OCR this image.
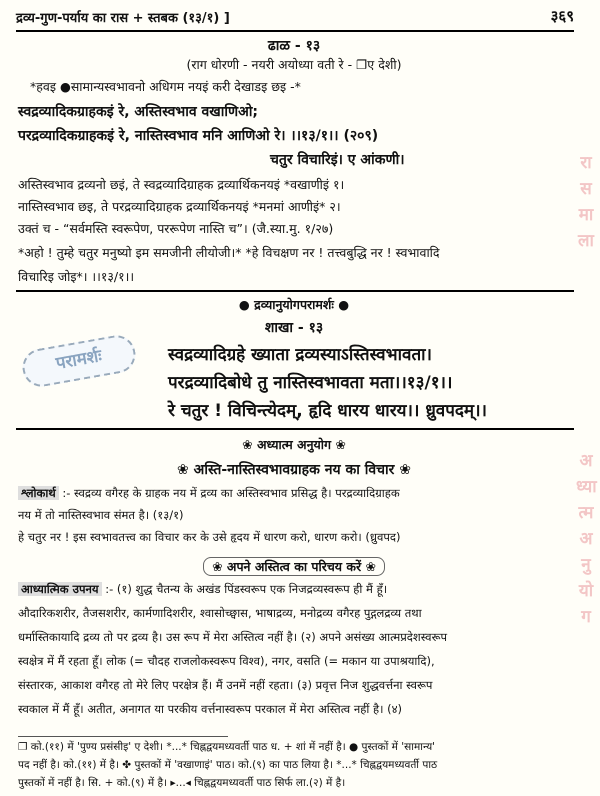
द्रव्य-गुण-पर्याय का रास + स्तबक (१३/१) ]	३६९
ढाळ - १३
(राग धोरणी - नयरी अयोध्या वती रे - ❐ए देशी)
*हवइ ●सामान्यस्वभावनो अधिगम नयइं करी देखाडइ छइ -*
स्वद्रव्यादिकग्राहकइं रे, अस्तिस्वभाव वखाणिओ;
परद्रव्यादिकग्राहकइं रे, नास्तिस्वभाव मनि आणिओ रे। ।।१३/१।। (२०९)
चतुर विचारिइं। ए आंकणी।
अस्तिस्वभाव द्रव्यनो छइं, ते स्वद्रव्यादिग्राहक द्रव्यार्थिकनयइं *वखाणीइं १।
नास्तिस्वभाव छइ, ते परद्रव्यादिग्राहक द्रव्यार्थिकनयइं *मनमां आणीइं* २।
उक्तं च - “सर्वमस्ति स्वरूपेण, पररूपेण नास्ति च”। (जै.स्या.मु. १/२७)
*अहो ! तुम्हे चतुर मनुष्यो इम समजीनी लीयोजी।* *हे विचक्षण नर ! तत्त्वबुद्धि नर ! स्वभावादि
विचारिइ जोइ*। ।।१३/१।।
● द्रव्यानुयोगपरामर्शः ●
परामर्शः
शाखा - १३
स्वद्रव्यादिग्रहे ख्याता द्रव्यस्याऽस्तिस्वभावता।
परद्रव्यादिबोधे तु नास्तिस्वभावता मता।।१३/१।।
रे चतुर ! विचिन्त्येदम्, हृदि धारय धारय।। ध्रुवपदम्।।
❀ अध्यात्म अनुयोग ❀
❀ अस्ति-नास्तिस्वभावग्राहक नय का विचार ❀
श्लोकार्थ :- स्वद्रव्य वगैरह के ग्राहक नय में द्रव्य का अस्तिस्वभाव प्रसिद्ध है। परद्रव्यादिग्राहक
नय में तो नास्तिस्वभाव संमत है। (१३/१)
हे चतुर नर ! इस स्वभावतत्त्व का विचार कर के उसे हृदय में धारण करो, धारण करो। (ध्रुवपद)
❀ अपने अस्तित्व का परिचय करें ❀
आध्यात्मिक उपनय :- (१) शुद्ध चैतन्य के अखंड पिंडस्वरूप एक निजद्रव्यस्वरूप ही मैं हूँ।
औदारिकशरीर, तैजसशरीर, कार्मणादिशरीर, श्वासोच्छ्वास, भाषाद्रव्य, मनोद्रव्य वगैरह पुद्गलद्रव्य तथा
धर्मास्तिकायादि द्रव्य तो पर द्रव्य है। उस रूप में मेरा अस्तित्व नहीं है। (२) अपने असंख्य आत्मप्रदेशस्वरूप
स्वक्षेत्र में मैं रहता हूँ। लोक (= चौदह राजलोकस्वरूप विश्व), नगर, वसति (= मकान या उपाश्रयादि),
संस्तारक, आकाश वगैरह तो मेरे लिए परक्षेत्र हैं। मैं उनमें नहीं रहता। (३) प्रवृत्त निज शुद्धवर्त्तना स्वरूप
स्वकाल में मैं हूँ। अतीत, अनागत या परकीय वर्त्तनास्वरूप परकाल में मेरा अस्तित्व नहीं है। (४)
❐ को.(११) में 'पुण्य प्रसंसीइ' ए देशी। *...* चिह्नद्वयमध्यवर्ती पाठ ध. + शां में नहीं है। ● पुस्तकों में 'सामान्य'
पद नहीं है। को.(११) में है। ✤ पुस्तकों में 'वखाणाइं' पाठ। को.(९) का पाठ लिया है। *...* चिह्नद्वयमध्यवर्ती पाठ
पुस्तकों में नहीं है। सि. + को.(९) में है। ▸...◂ चिह्नद्वयमध्यवर्ती पाठ सिर्फ ला.(२) में है।
रा
स
मा
ला
अ
ध्या
त्म
अ
नु
यो
ग
